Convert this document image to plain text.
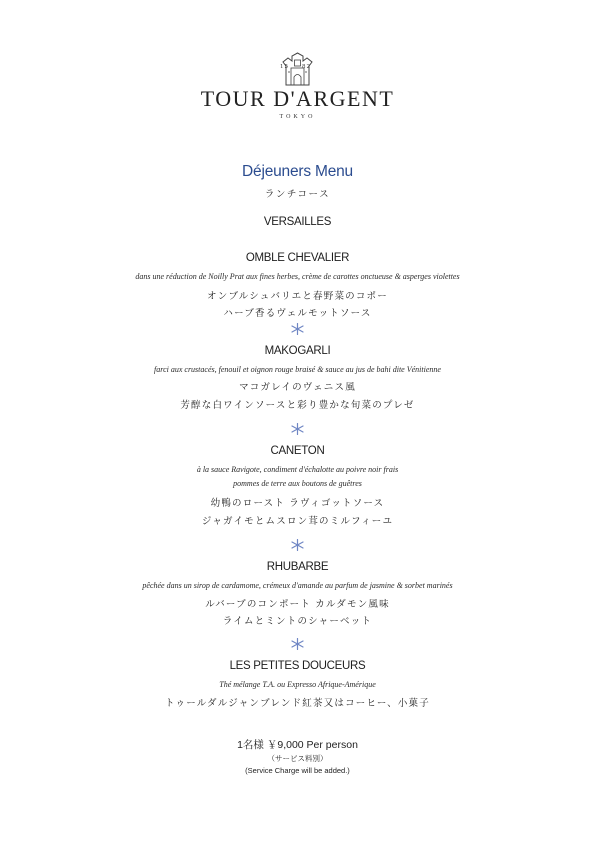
15 82
TOUR D'ARGENT
TOKYO
Déjeuners Menu
ランチコース
VERSAILLES
OMBLE CHEVALIER
dans une réduction de Noilly Prat aux fines herbes, crème de carottes onctueuse & asperges violettes
オンブルシュバリエと春野菜のコポー
ハーブ香るヴェルモットソース
MAKOGARLI
farci aux crustacés, fenouil et oignon rouge braisé & sauce au jus de bahi dite Vénitienne
マコガレイのヴェニス風
芳醇な白ワインソースと彩り豊かな旬菜のプレゼ
CANETON
à la sauce Ravigote, condiment d'échalotte au poivre noir frais
pommes de terre aux boutons de guêtres
幼鴨のロースト ラヴィゴットソース
ジャガイモとムスロン茸のミルフィーユ
RHUBARBE
pêchée dans un sirop de cardamome, crémeux d'amande au parfum de jasmine & sorbet marinés
ルバーブのコンポート カルダモン風味
ライムとミントのシャーベット
LES PETITES DOUCEURS
Thé mélange T.A. ou Expresso Afrique-Amérique
トゥールダルジャンブレンド紅茶又はコーヒー、小菓子
1名様 ￥9,000 Per person
（サービス料別）
(Service Charge will be added.)
